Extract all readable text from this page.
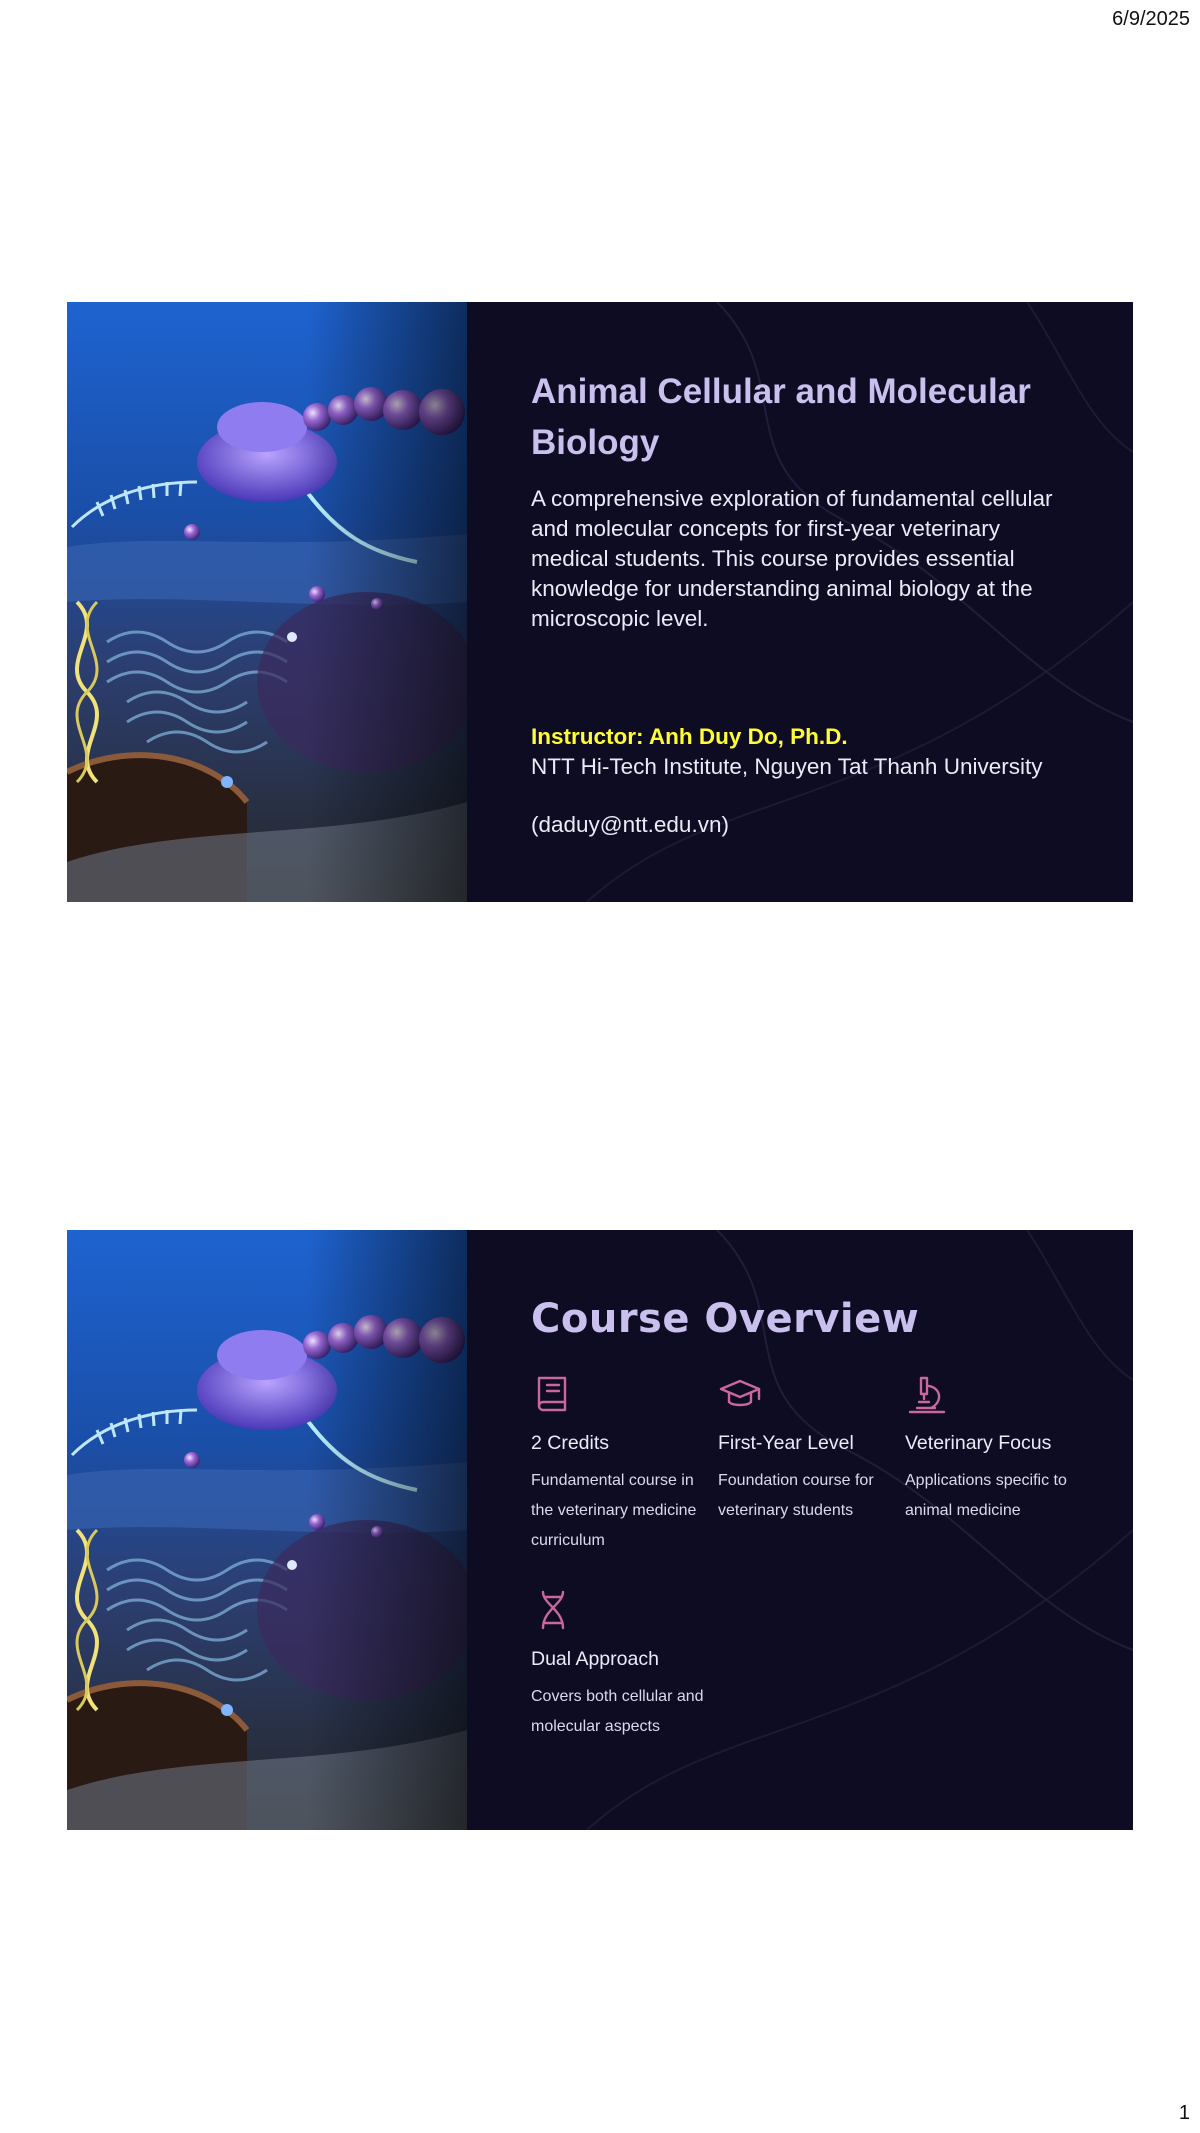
6/9/2025
Animal Cellular and Molecular Biology

A comprehensive exploration of fundamental cellular and molecular concepts for first-year veterinary medical students. This course provides essential knowledge for understanding animal biology at the microscopic level.

Instructor: Anh Duy Do, Ph.D.

NTT Hi-Tech Institute, Nguyen Tat Thanh University

(daduy@ntt.edu.vn)

Course Overview

2 Credits

Fundamental course in the veterinary medicine curriculum

First-Year Level

Foundation course for veterinary students

Veterinary Focus

Applications specific to animal medicine

Dual Approach

Covers both cellular and molecular aspects

1
